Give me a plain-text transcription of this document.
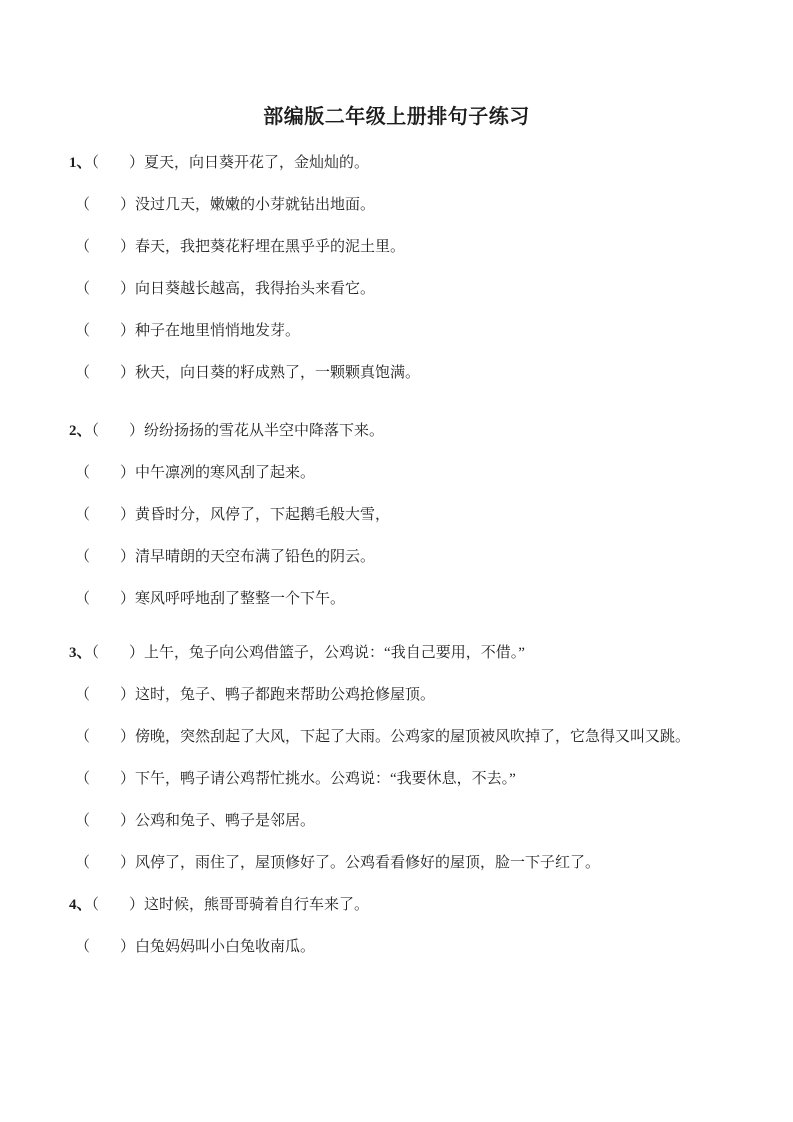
部编版二年级上册排句子练习
1、（　　）夏天，向日葵开花了，金灿灿的。
（　　）没过几天，嫩嫩的小芽就钻出地面。
（　　）春天，我把葵花籽埋在黑乎乎的泥土里。
（　　）向日葵越长越高，我得抬头来看它。
（　　）种子在地里悄悄地发芽。
（　　）秋天，向日葵的籽成熟了，一颗颗真饱满。
2、（　　）纷纷扬扬的雪花从半空中降落下来。
（　　）中午凛冽的寒风刮了起来。
（　　）黄昏时分，风停了，下起鹅毛般大雪，
（　　）清早晴朗的天空布满了铅色的阴云。
（　　）寒风呼呼地刮了整整一个下午。
3、（　　）上午，兔子向公鸡借篮子，公鸡说：“我自己要用，不借。”
（　　）这时，兔子、鸭子都跑来帮助公鸡抢修屋顶。
（　　）傍晚，突然刮起了大风，下起了大雨。公鸡家的屋顶被风吹掉了，它急得又叫又跳。
（　　）下午，鸭子请公鸡帮忙挑水。公鸡说：“我要休息，不去。”
（　　）公鸡和兔子、鸭子是邻居。
（　　）风停了，雨住了，屋顶修好了。公鸡看看修好的屋顶，脸一下子红了。
4、（　　）这时候，熊哥哥骑着自行车来了。
（　　）白兔妈妈叫小白兔收南瓜。
